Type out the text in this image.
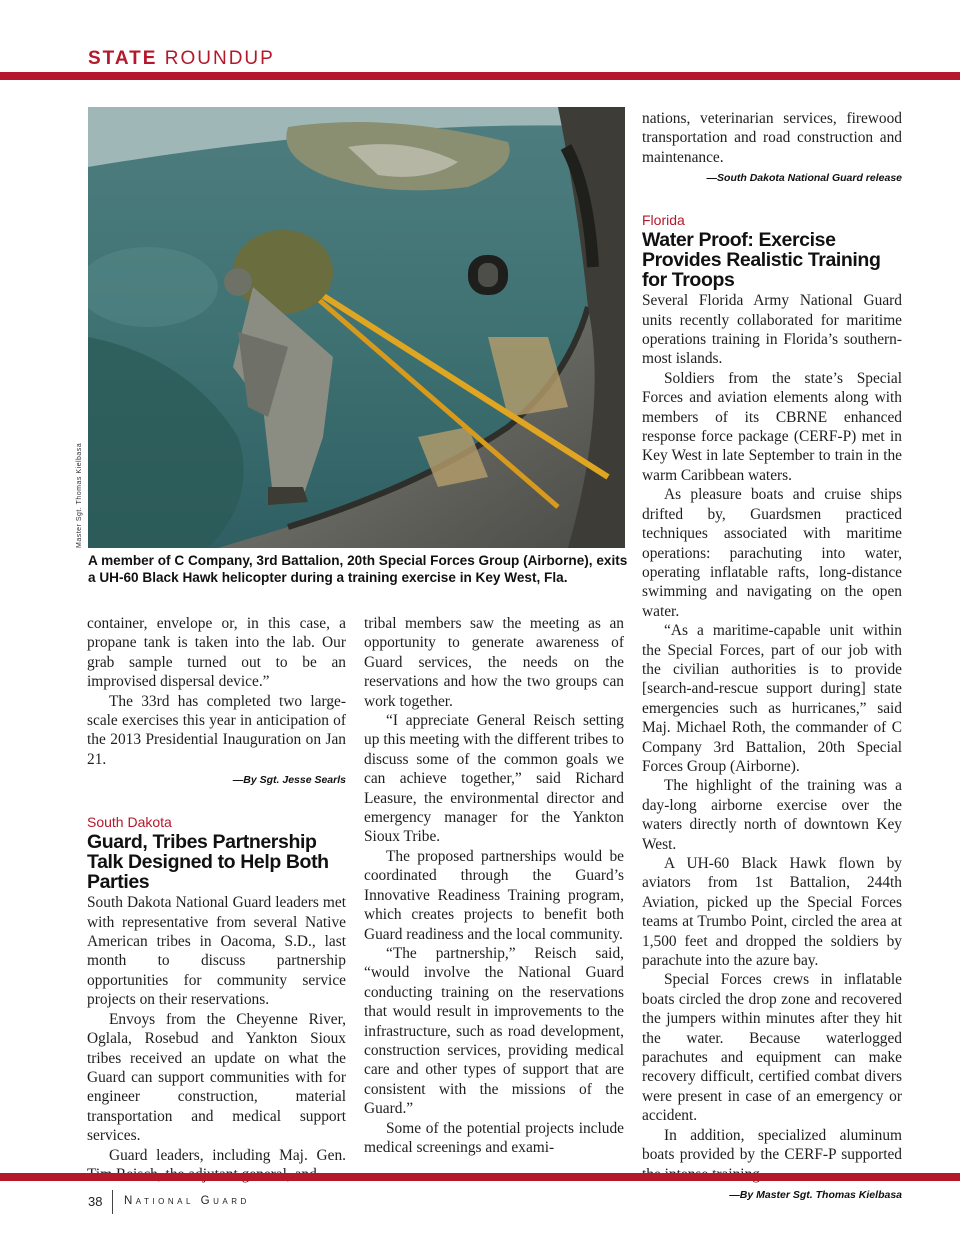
STATE ROUNDUP
Master Sgt. Thomas Kielbasa
A member of C Company, 3rd Battalion, 20th Special Forces Group (Airborne), exits a UH-60 Black Hawk helicopter during a training exercise in Key West, Fla.

container, envelope or, in this case, a propane tank is taken into the lab. Our grab sample turned out to be an improvised dispersal device.”

The 33rd has completed two large-scale exercises this year in anticipation of the 2013 Presidential Inauguration on Jan 21.

—By Sgt. Jesse Searls
South Dakota
Guard, Tribes Partnership Talk Designed to Help Both Parties

South Dakota National Guard leaders met with representative from several Native American tribes in Oacoma, S.D., last month to discuss partnership opportunities for community service projects on their reservations.

Envoys from the Cheyenne River, Oglala, Rosebud and Yankton Sioux tribes received an update on what the Guard can support communities with for engineer construction, material transportation and medical support services.

Guard leaders, including Maj. Gen.

tribal members saw the meeting as an opportunity to generate awareness of Guard services, the needs on the reservations and how the two groups can work together.

“I appreciate General Reisch setting up this meeting with the different tribes to discuss some of the common goals we can achieve together,” said Richard Leasure, the environmental director and emergency manager for the Yankton Sioux Tribe.

The proposed partnerships would be coordinated through the Guard’s Innovative Readiness Training program, which creates projects to benefit both Guard readiness and the local community.

“The partnership,” Reisch said, “would involve the National Guard conducting training on the reservations that would result in improvements to the infrastructure, such as road development, construction services, providing medical care and other types of support that are consistent with the missions of the Guard.”

Some of the potential projects include medical screenings and exami-

nations, veterinarian services, firewood transportation and road construction and maintenance.

—South Dakota National Guard release
Florida
Water Proof: Exercise Provides Realistic Training for Troops

Several Florida Army National Guard units recently collaborated for maritime operations training in Florida’s southern-most islands.

Soldiers from the state’s Special Forces and aviation elements along with members of its CBRNE enhanced response force package (CERF-P) met in Key West in late September to train in the warm Caribbean waters.

As pleasure boats and cruise ships drifted by, Guardsmen practiced techniques associated with maritime operations: parachuting into water, operating inflatable rafts, long-distance swimming and navigating on the open water.

“As a maritime-capable unit within the Special Forces, part of our job with the civilian authorities is to provide [search-and-rescue support during] state emergencies such as hurricanes,” said Maj. Michael Roth, the commander of C Company 3rd Battalion, 20th Special Forces Group (Airborne).

The highlight of the training was a day-long airborne exercise over the waters directly north of downtown Key West.

A UH-60 Black Hawk flown by aviators from 1st Battalion, 244th Aviation, picked up the Special Forces teams at Trumbo Point, circled the area at 1,500 feet and dropped the soldiers by parachute into the azure bay.

Special Forces crews in inflatable boats circled the drop zone and recovered the jumpers within minutes after they hit the water. Because waterlogged parachutes and equipment can make recovery difficult, certified combat divers were present in case of an emergency or accident.

In addition, specialized aluminum boats provided by the CERF-P supported

—By Master Sgt. Thomas Kielbasa
38 National Guard
